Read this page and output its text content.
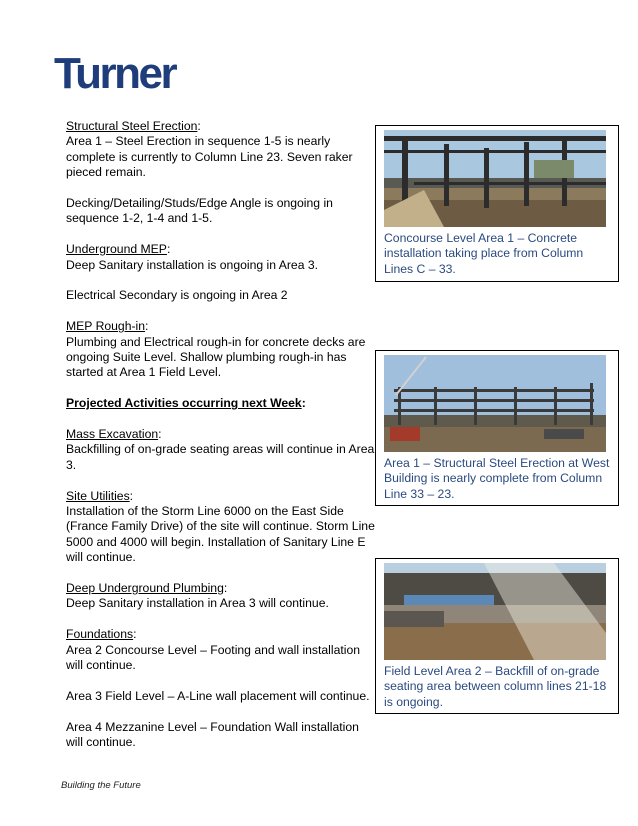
Turner

Structural Steel Erection:
Area 1 – Steel Erection in sequence 1-5 is nearly complete is currently to Column Line 23. Seven raker pieced remain.

Decking/Detailing/Studs/Edge Angle is ongoing in sequence 1-2, 1-4 and 1-5.

Underground MEP:
Deep Sanitary installation is ongoing in Area 3.

Electrical Secondary is ongoing in Area 2

MEP Rough-in:
Plumbing and Electrical rough-in for concrete decks are ongoing Suite Level. Shallow plumbing rough-in has started at Area 1 Field Level.

Projected Activities occurring next Week:

Mass Excavation:
Backfilling of on-grade seating areas will continue in Area 3.

Site Utilities:
Installation of the Storm Line 6000 on the East Side (France Family Drive) of the site will continue. Storm Line 5000 and 4000 will begin. Installation of Sanitary Line E will continue.

Deep Underground Plumbing:
Deep Sanitary installation in Area 3 will continue.

Foundations:
Area 2 Concourse Level – Footing and wall installation will continue.

Area 3 Field Level – A-Line wall placement will continue.

Area 4 Mezzanine Level – Foundation Wall installation will continue.

Concourse Level Area 1 – Concrete installation taking place from Column Lines C – 33.
Area 1 – Structural Steel Erection at West Building is nearly complete from Column Line 33 – 23.
Field Level Area 2 – Backfill of on-grade seating area between column lines 21-18 is ongoing.
Building the Future
